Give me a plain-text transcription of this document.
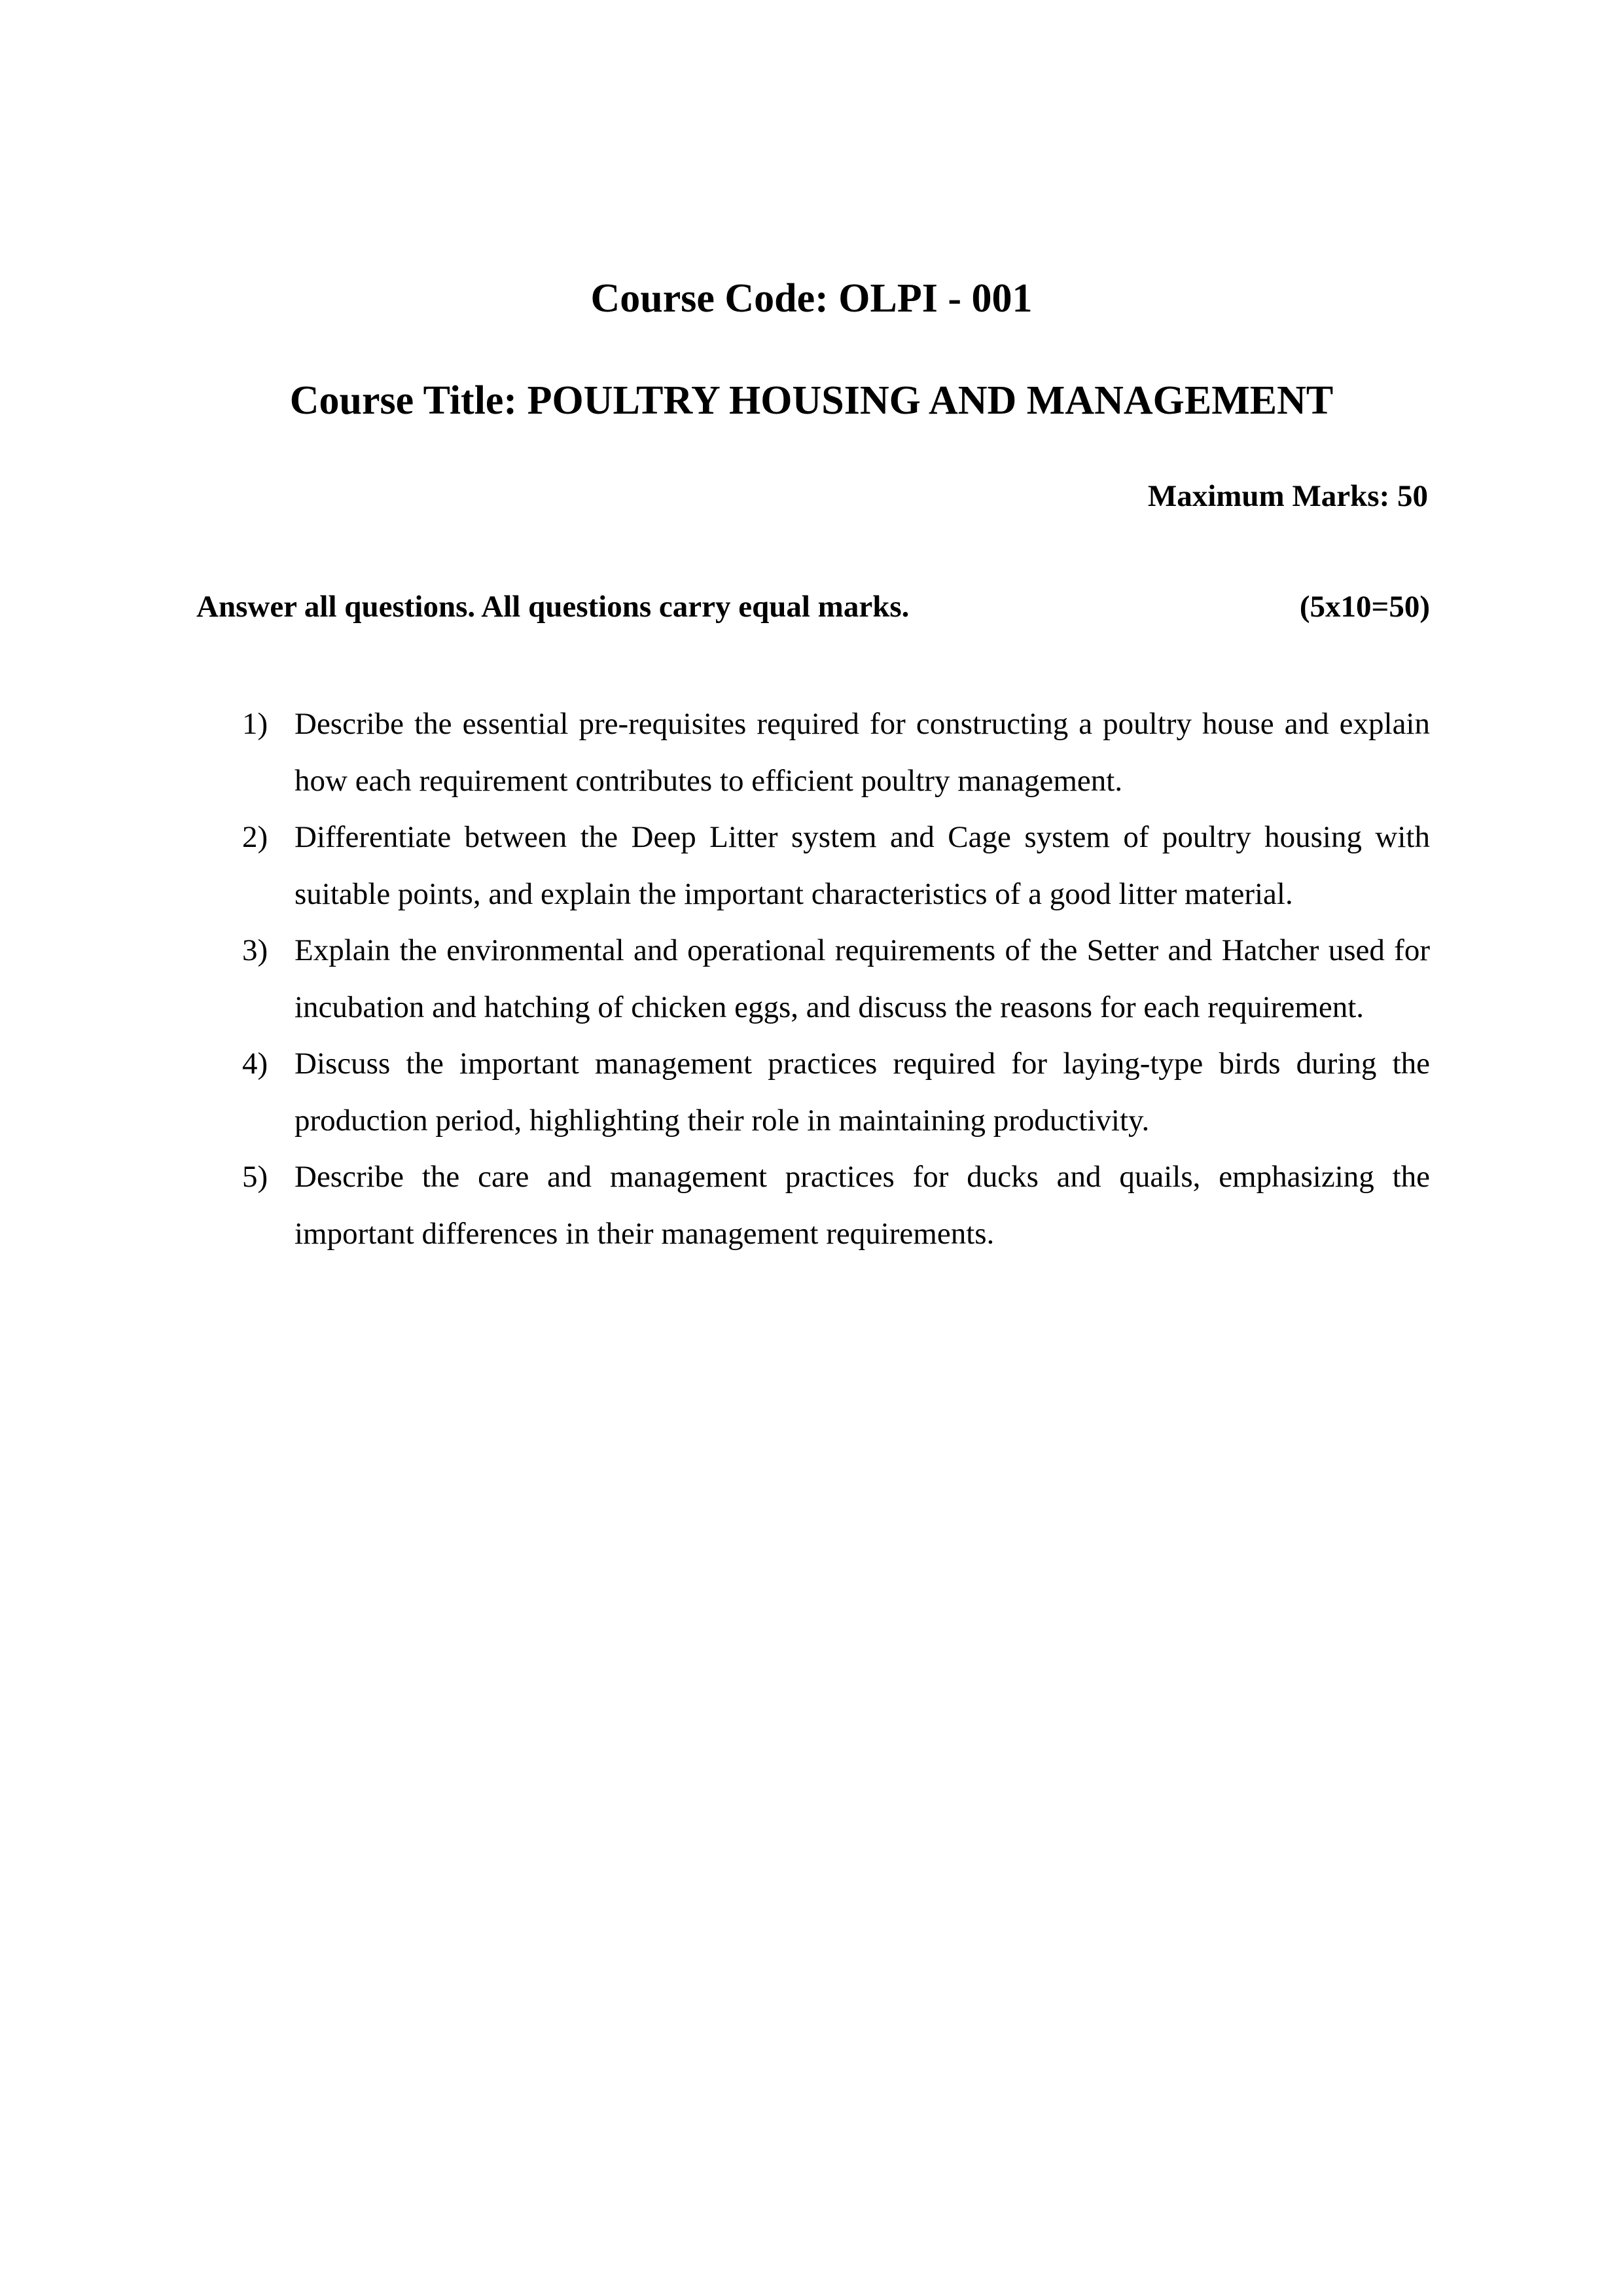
Course Code: OLPI - 001
Course Title: POULTRY HOUSING AND MANAGEMENT
Maximum Marks: 50
Answer all questions. All questions carry equal marks.	(5x10=50)
1) Describe the essential pre-requisites required for constructing a poultry house and explain how each requirement contributes to efficient poultry management.
2) Differentiate between the Deep Litter system and Cage system of poultry housing with suitable points, and explain the important characteristics of a good litter material.
3) Explain the environmental and operational requirements of the Setter and Hatcher used for incubation and hatching of chicken eggs, and discuss the reasons for each requirement.
4) Discuss the important management practices required for laying-type birds during the production period, highlighting their role in maintaining productivity.
5) Describe the care and management practices for ducks and quails, emphasizing the important differences in their management requirements.
